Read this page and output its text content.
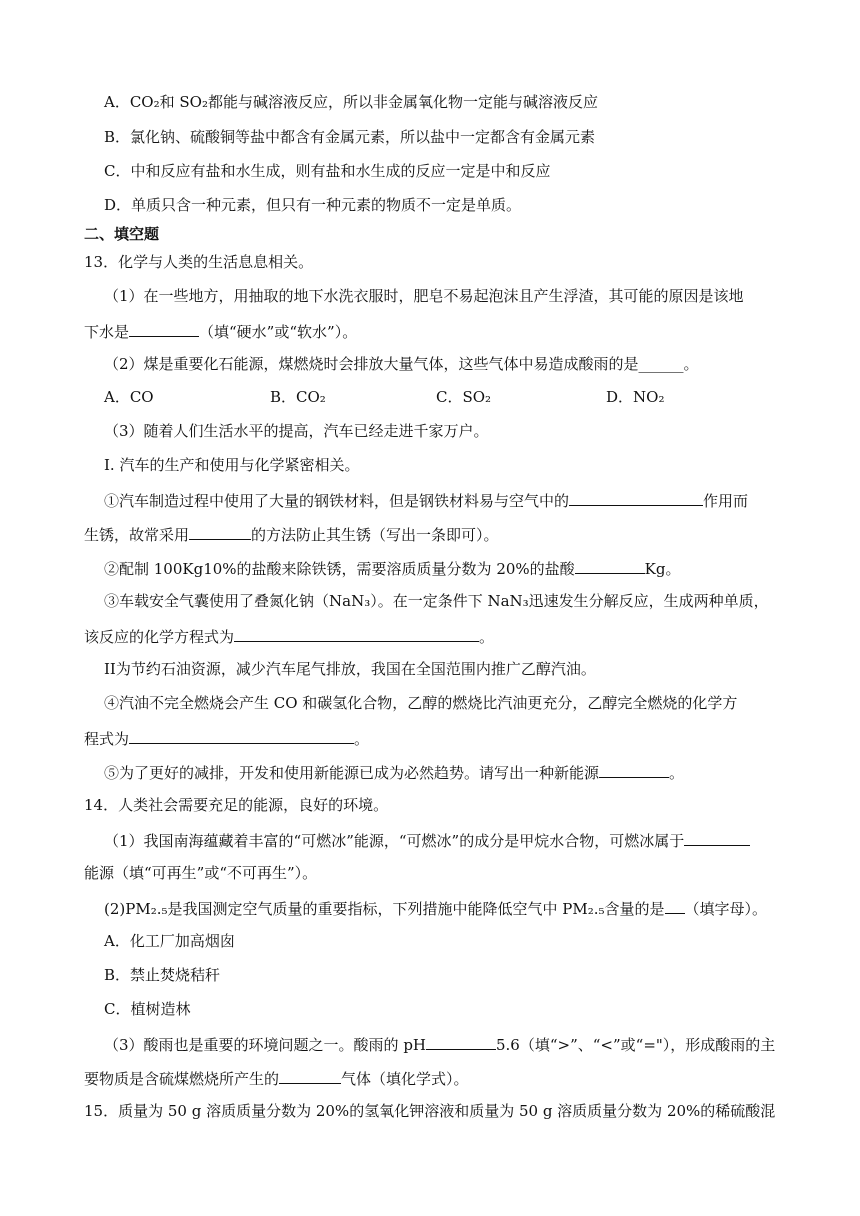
A．CO₂和 SO₂都能与碱溶液反应，所以非金属氧化物一定能与碱溶液反应
B．氯化钠、硫酸铜等盐中都含有金属元素，所以盐中一定都含有金属元素
C．中和反应有盐和水生成，则有盐和水生成的反应一定是中和反应
D．单质只含一种元素，但只有一种元素的物质不一定是单质。
二、填空题
13．化学与人类的生活息息相关。
（1）在一些地方，用抽取的地下水洗衣服时，肥皂不易起泡沫且产生浮渣，其可能的原因是该地
下水是	（填“硬水”或“软水”）。
（2）煤是重要化石能源，煤燃烧时会排放大量气体，这些气体中易造成酸雨的是______。
A．CO	B．CO₂	C．SO₂	D．NO₂
（3）随着人们生活水平的提高，汽车已经走进千家万户。
I. 汽车的生产和使用与化学紧密相关。
①汽车制造过程中使用了大量的钢铁材料，但是钢铁材料易与空气中的	作用而
生锈，故常采用	的方法防止其生锈（写出一条即可）。
②配制 100Kg10%的盐酸来除铁锈，需要溶质质量分数为 20%的盐酸	Kg。
③车载安全气囊使用了叠氮化钠（NaN₃）。在一定条件下 NaN₃迅速发生分解反应，生成两种单质，
该反应的化学方程式为	。
II为节约石油资源，减少汽车尾气排放，我国在全国范围内推广乙醇汽油。
④汽油不完全燃烧会产生 CO 和碳氢化合物，乙醇的燃烧比汽油更充分，乙醇完全燃烧的化学方
程式为	。
⑤为了更好的减排，开发和使用新能源已成为必然趋势。请写出一种新能源	。
14．人类社会需要充足的能源，良好的环境。
（1）我国南海蕴藏着丰富的“可燃冰”能源，“可燃冰”的成分是甲烷水合物，可燃冰属于
能源（填“可再生”或“不可再生”）。
(2)PM₂.₅是我国测定空气质量的重要指标，下列措施中能降低空气中 PM₂.₅含量的是 （填字母）。
A．化工厂加高烟囱
B．禁止焚烧秸秆
C．植树造林
（3）酸雨也是重要的环境问题之一。酸雨的 pH	5.6（填“>”、“<”或“="），形成酸雨的主
要物质是含硫煤燃烧所产生的	气体（填化学式）。
15．质量为 50 g 溶质质量分数为 20%的氢氧化钾溶液和质量为 50 g 溶质质量分数为 20%的稀硫酸混
